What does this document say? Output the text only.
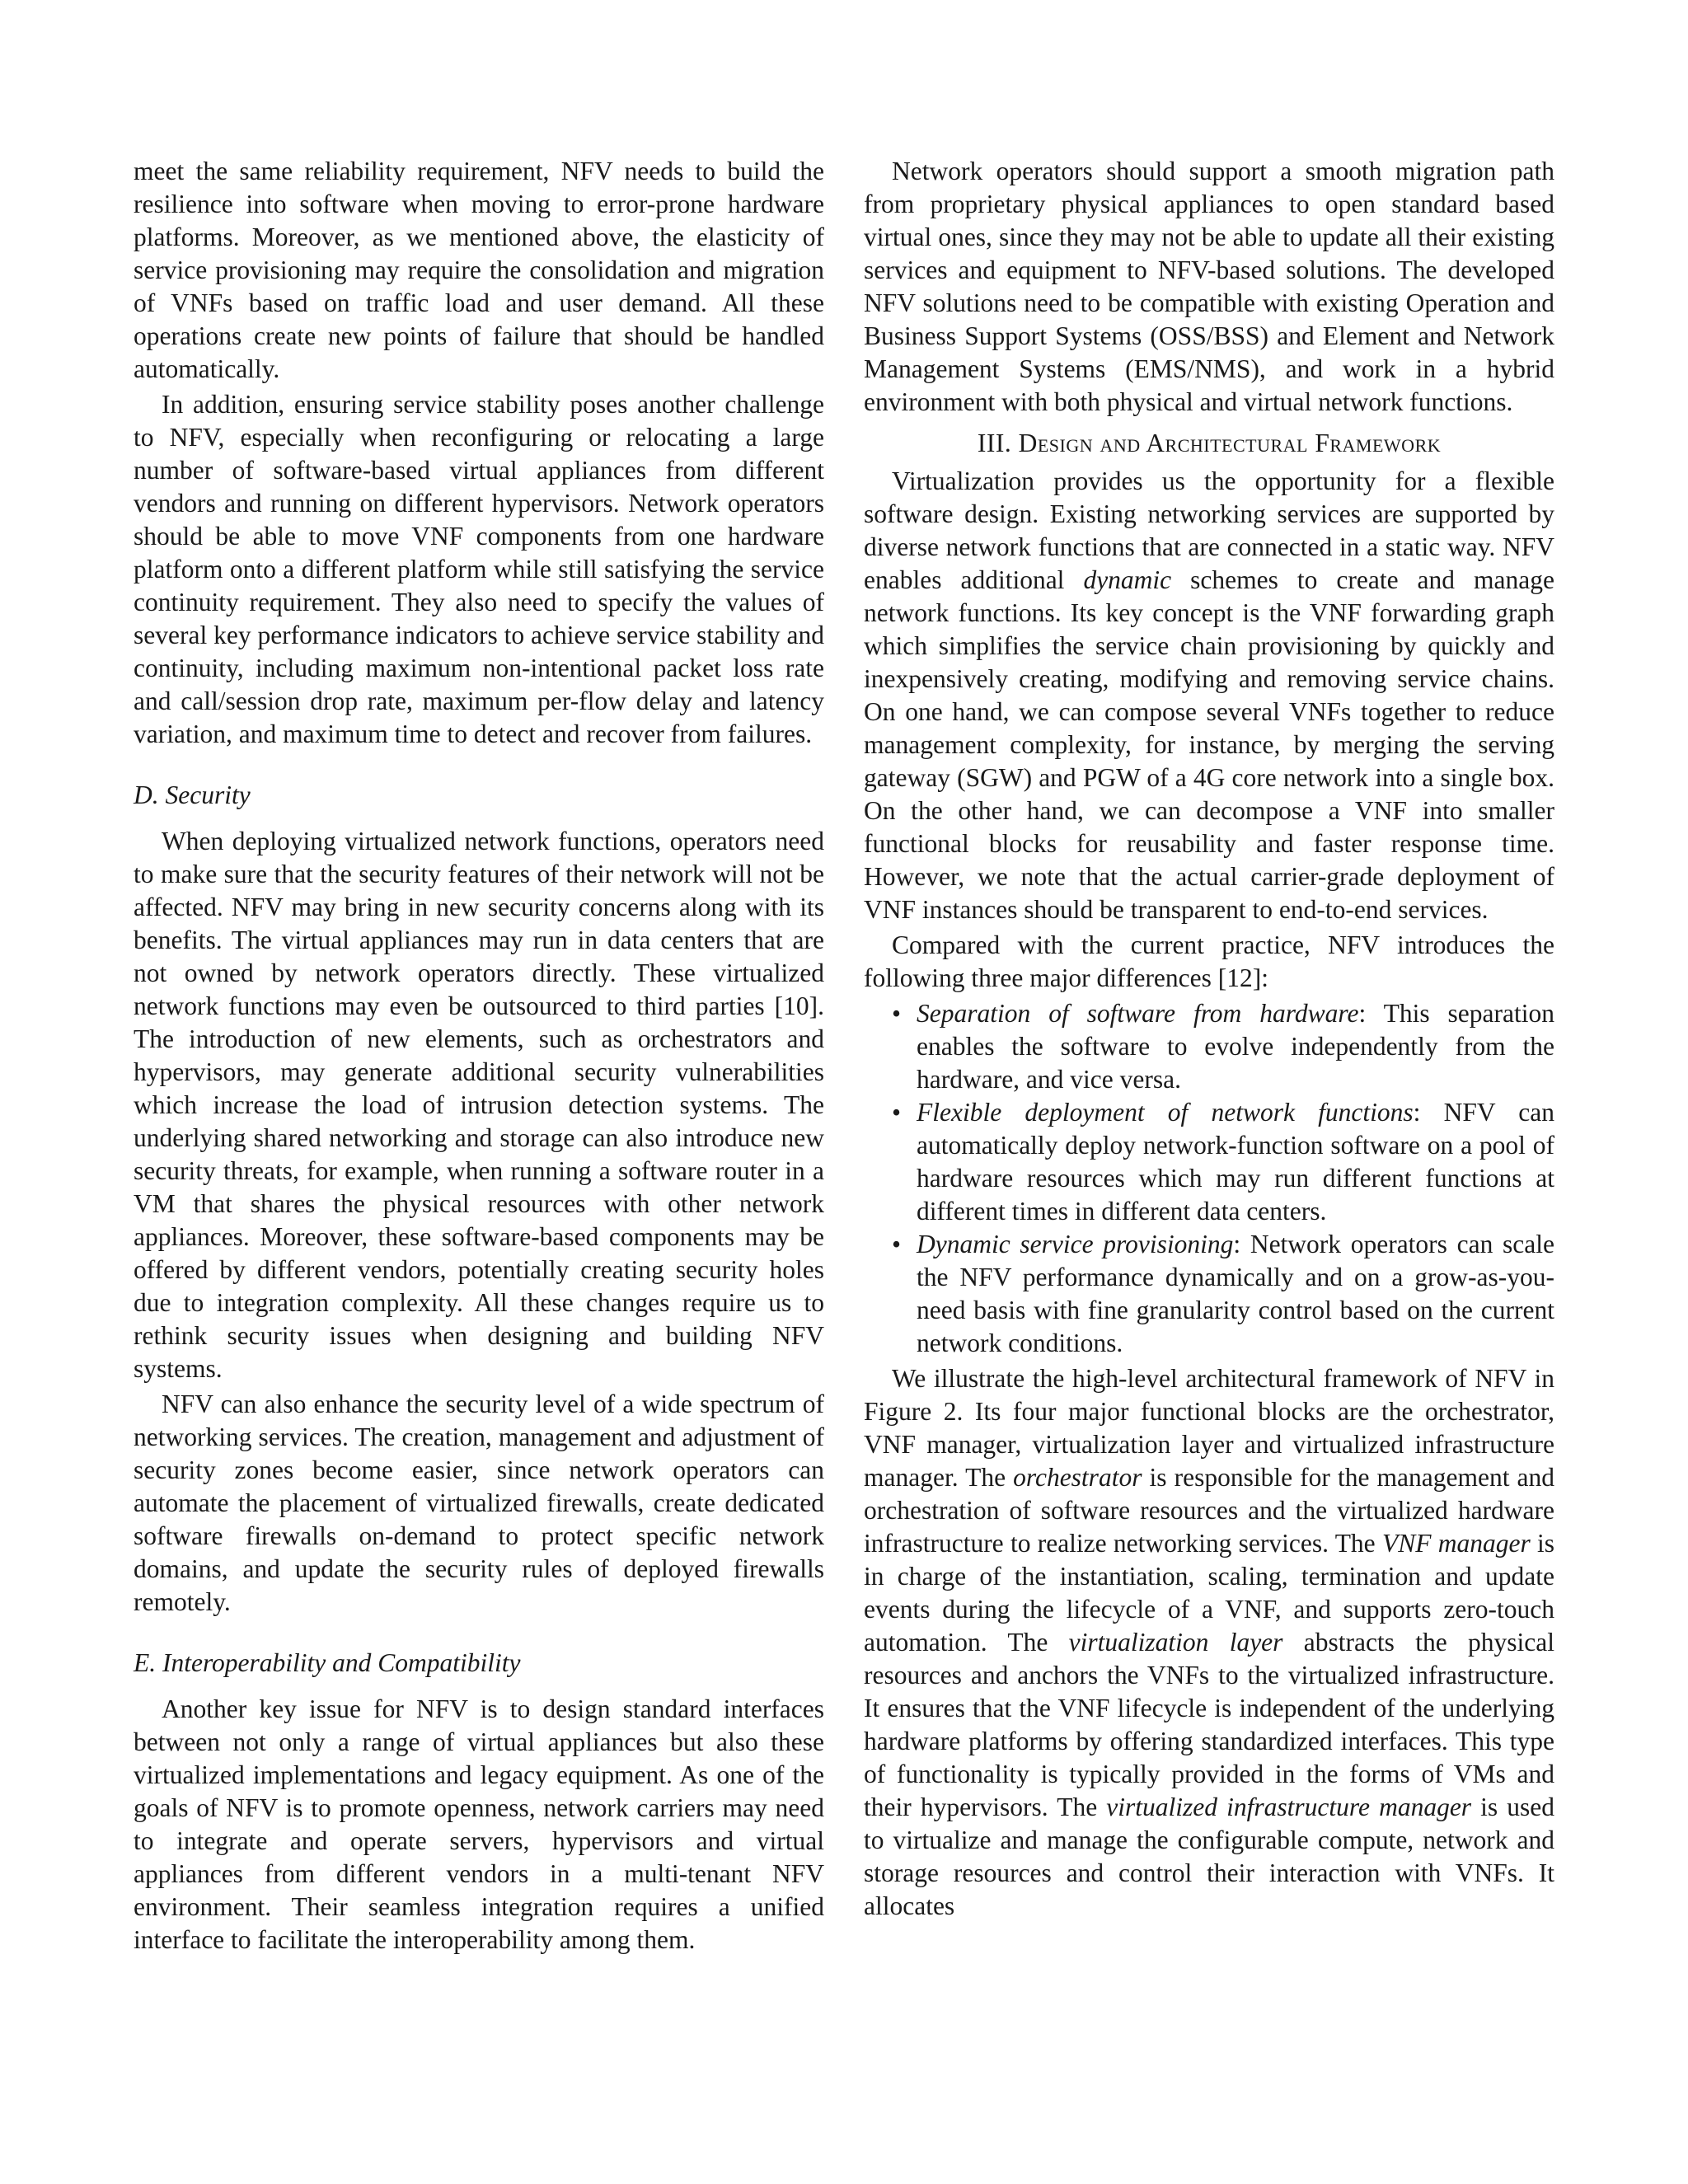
meet the same reliability requirement, NFV needs to build the resilience into software when moving to error-prone hardware platforms. Moreover, as we mentioned above, the elasticity of service provisioning may require the consolidation and migration of VNFs based on traffic load and user demand. All these operations create new points of failure that should be handled automatically.

In addition, ensuring service stability poses another challenge to NFV, especially when reconfiguring or relocating a large number of software-based virtual appliances from different vendors and running on different hypervisors. Network operators should be able to move VNF components from one hardware platform onto a different platform while still satisfying the service continuity requirement. They also need to specify the values of several key performance indicators to achieve service stability and continuity, including maximum non-intentional packet loss rate and call/session drop rate, maximum per-flow delay and latency variation, and maximum time to detect and recover from failures.

D. Security

When deploying virtualized network functions, operators need to make sure that the security features of their network will not be affected. NFV may bring in new security concerns along with its benefits. The virtual appliances may run in data centers that are not owned by network operators directly. These virtualized network functions may even be outsourced to third parties [10]. The introduction of new elements, such as orchestrators and hypervisors, may generate additional security vulnerabilities which increase the load of intrusion detection systems. The underlying shared networking and storage can also introduce new security threats, for example, when running a software router in a VM that shares the physical resources with other network appliances. Moreover, these software-based components may be offered by different vendors, potentially creating security holes due to integration complexity. All these changes require us to rethink security issues when designing and building NFV systems.

NFV can also enhance the security level of a wide spectrum of networking services. The creation, management and adjustment of security zones become easier, since network operators can automate the placement of virtualized firewalls, create dedicated software firewalls on-demand to protect specific network domains, and update the security rules of deployed firewalls remotely.

E. Interoperability and Compatibility

Another key issue for NFV is to design standard interfaces between not only a range of virtual appliances but also these virtualized implementations and legacy equipment. As one of the goals of NFV is to promote openness, network carriers may need to integrate and operate servers, hypervisors and virtual appliances from different vendors in a multi-tenant NFV environment. Their seamless integration requires a unified interface to facilitate the interoperability among them.

Network operators should support a smooth migration path from proprietary physical appliances to open standard based virtual ones, since they may not be able to update all their existing services and equipment to NFV-based solutions. The developed NFV solutions need to be compatible with existing Operation and Business Support Systems (OSS/BSS) and Element and Network Management Systems (EMS/NMS), and work in a hybrid environment with both physical and virtual network functions.

III. Design and Architectural Framework

Virtualization provides us the opportunity for a flexible software design. Existing networking services are supported by diverse network functions that are connected in a static way. NFV enables additional dynamic schemes to create and manage network functions. Its key concept is the VNF forwarding graph which simplifies the service chain provisioning by quickly and inexpensively creating, modifying and removing service chains. On one hand, we can compose several VNFs together to reduce management complexity, for instance, by merging the serving gateway (SGW) and PGW of a 4G core network into a single box. On the other hand, we can decompose a VNF into smaller functional blocks for reusability and faster response time. However, we note that the actual carrier-grade deployment of VNF instances should be transparent to end-to-end services.

Compared with the current practice, NFV introduces the following three major differences [12]:

• Separation of software from hardware: This separation enables the software to evolve independently from the hardware, and vice versa.
• Flexible deployment of network functions: NFV can automatically deploy network-function software on a pool of hardware resources which may run different functions at different times in different data centers.
• Dynamic service provisioning: Network operators can scale the NFV performance dynamically and on a grow-as-you-need basis with fine granularity control based on the current network conditions.

We illustrate the high-level architectural framework of NFV in Figure 2. Its four major functional blocks are the orchestrator, VNF manager, virtualization layer and virtualized infrastructure manager. The orchestrator is responsible for the management and orchestration of software resources and the virtualized hardware infrastructure to realize networking services. The VNF manager is in charge of the instantiation, scaling, termination and update events during the lifecycle of a VNF, and supports zero-touch automation. The virtualization layer abstracts the physical resources and anchors the VNFs to the virtualized infrastructure. It ensures that the VNF lifecycle is independent of the underlying hardware platforms by offering standardized interfaces. This type of functionality is typically provided in the forms of VMs and their hypervisors. The virtualized infrastructure manager is used to virtualize and manage the configurable compute, network and storage resources and control their interaction with VNFs. It allocates
